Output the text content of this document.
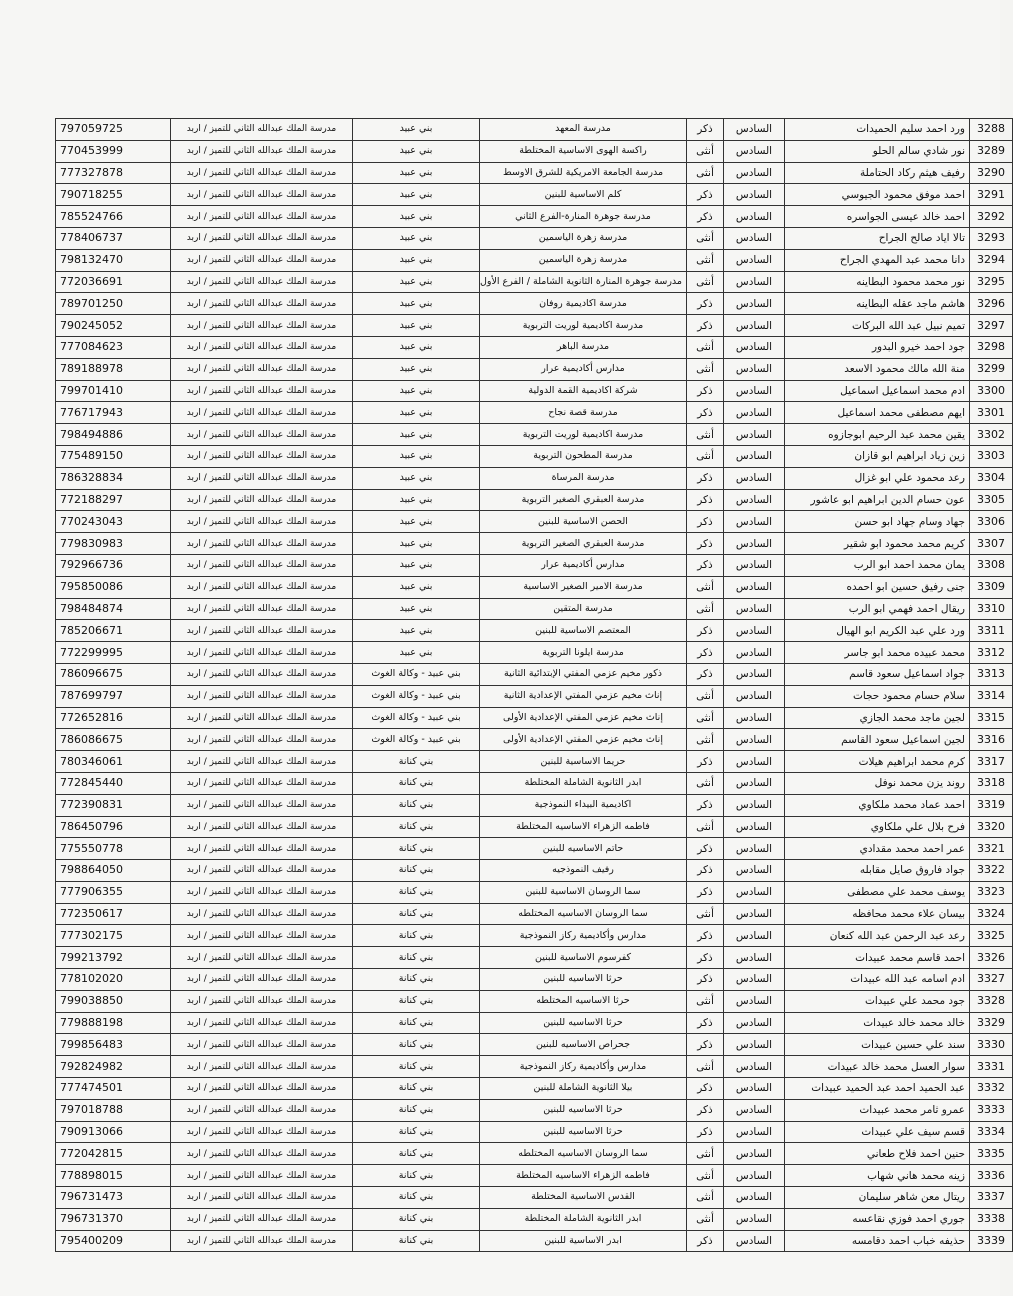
3288	ورد احمد سليم الحميدات	السادس	ذكر	مدرسة المعهد	بني عبيد	مدرسة الملك عبدالله الثاني للتميز / اربد	797059725
3289	نور شادي سالم الحلو	السادس	أنثى	راكسة الهوى الاساسية المختلطة	بني عبيد	مدرسة الملك عبدالله الثاني للتميز / اربد	770453999
3290	رفيف هيثم ركاد الحتاملة	السادس	أنثى	مدرسة الجامعة الامريكية للشرق الاوسط	بني عبيد	مدرسة الملك عبدالله الثاني للتميز / اربد	777327878
3291	احمد موفق محمود الجيوسي	السادس	ذكر	كلم الاساسية للبنين	بني عبيد	مدرسة الملك عبدالله الثاني للتميز / اربد	790718255
3292	احمد خالد عيسى الجواسره	السادس	ذكر	مدرسة جوهرة المنارة-الفرع الثاني	بني عبيد	مدرسة الملك عبدالله الثاني للتميز / اربد	785524766
3293	تالا اياد صالح الجراح	السادس	أنثى	مدرسة زهرة الياسمين	بني عبيد	مدرسة الملك عبدالله الثاني للتميز / اربد	778406737
3294	دانا محمد عبد المهدي الجراح	السادس	أنثى	مدرسة زهرة الياسمين	بني عبيد	مدرسة الملك عبدالله الثاني للتميز / اربد	798132470
3295	نور محمد محمود البطاينه	السادس	أنثى	مدرسة جوهرة المنارة الثانوية الشاملة / الفرع الأول	بني عبيد	مدرسة الملك عبدالله الثاني للتميز / اربد	772036691
3296	هاشم ماجد عقله البطاينه	السادس	ذكر	مدرسة اكاديمية روفان	بني عبيد	مدرسة الملك عبدالله الثاني للتميز / اربد	789701250
3297	تميم نبيل عبد الله البركات	السادس	ذكر	مدرسة اكاديمية لوريت التربوية	بني عبيد	مدرسة الملك عبدالله الثاني للتميز / اربد	790245052
3298	جود احمد خيرو البدور	السادس	أنثى	مدرسة الباهر	بني عبيد	مدرسة الملك عبدالله الثاني للتميز / اربد	777084623
3299	منة الله مالك محمود الاسعد	السادس	أنثى	مدارس أكاديمية عرار	بني عبيد	مدرسة الملك عبدالله الثاني للتميز / اربد	789188978
3300	ادم محمد اسماعيل اسماعيل	السادس	ذكر	شركة اكاديمية القمة الدولية	بني عبيد	مدرسة الملك عبدالله الثاني للتميز / اربد	799701410
3301	ايهم مصطفى محمد اسماعيل	السادس	ذكر	مدرسة قصة نجاح	بني عبيد	مدرسة الملك عبدالله الثاني للتميز / اربد	776717943
3302	يقين محمد عبد الرحيم ابوجازوه	السادس	أنثى	مدرسة اكاديمية لوريت التربوية	بني عبيد	مدرسة الملك عبدالله الثاني للتميز / اربد	798494886
3303	زين زياد ابراهيم ابو قازان	السادس	أنثى	مدرسة المطحون التربوية	بني عبيد	مدرسة الملك عبدالله الثاني للتميز / اربد	775489150
3304	رعد محمود علي ابو غزال	السادس	ذكر	مدرسة المرساة	بني عبيد	مدرسة الملك عبدالله الثاني للتميز / اربد	786328834
3305	عون حسام الدين ابراهيم ابو عاشور	السادس	ذكر	مدرسة العبقري الصغير التربوية	بني عبيد	مدرسة الملك عبدالله الثاني للتميز / اربد	772188297
3306	جهاد وسام جهاد ابو حسن	السادس	ذكر	الحصن الاساسية للبنين	بني عبيد	مدرسة الملك عبدالله الثاني للتميز / اربد	770243043
3307	كريم محمد محمود ابو شقير	السادس	ذكر	مدرسة العبقري الصغير التربوية	بني عبيد	مدرسة الملك عبدالله الثاني للتميز / اربد	779830983
3308	يمان محمد احمد ابو الرب	السادس	ذكر	مدارس أكاديمية عرار	بني عبيد	مدرسة الملك عبدالله الثاني للتميز / اربد	792966736
3309	جنى رفيق حسين ابو احمده	السادس	أنثى	مدرسة الامير الصغير الاساسية	بني عبيد	مدرسة الملك عبدالله الثاني للتميز / اربد	795850086
3310	ريقال احمد فهمي ابو الرب	السادس	أنثى	مدرسة المتقين	بني عبيد	مدرسة الملك عبدالله الثاني للتميز / اربد	798484874
3311	ورد علي عبد الكريم ابو الهيال	السادس	ذكر	المعتصم الاساسية للبنين	بني عبيد	مدرسة الملك عبدالله الثاني للتميز / اربد	785206671
3312	محمد عبيده محمد ابو جاسر	السادس	ذكر	مدرسة ايلونا التربوية	بني عبيد	مدرسة الملك عبدالله الثاني للتميز / اربد	772299995
3313	جواد اسماعيل سعود قاسم	السادس	ذكر	ذكور مخيم عزمي المفتي الإبتدائية الثانية	بني عبيد - وكالة الغوث	مدرسة الملك عبدالله الثاني للتميز / اربد	786096675
3314	سلام حسام محمود حجات	السادس	أنثى	إناث مخيم عزمي المفتي الإعدادية الثانية	بني عبيد - وكالة الغوث	مدرسة الملك عبدالله الثاني للتميز / اربد	787699797
3315	لجين ماجد محمد الجازي	السادس	أنثى	إناث مخيم عزمي المفتي الإعدادية الأولى	بني عبيد - وكالة الغوث	مدرسة الملك عبدالله الثاني للتميز / اربد	772652816
3316	لجين اسماعيل سعود القاسم	السادس	أنثى	إناث مخيم عزمي المفتي الإعدادية الأولى	بني عبيد - وكالة الغوث	مدرسة الملك عبدالله الثاني للتميز / اربد	786086675
3317	كرم محمد ابراهيم هيلات	السادس	ذكر	حريما الاساسية للبنين	بني كنانة	مدرسة الملك عبدالله الثاني للتميز / اربد	780346061
3318	روند يزن محمد نوفل	السادس	أنثى	ابدر الثانوية الشاملة المختلطة	بني كنانة	مدرسة الملك عبدالله الثاني للتميز / اربد	772845440
3319	احمد عماد محمد ملكاوي	السادس	ذكر	اكاديمية البيداء النموذجية	بني كنانة	مدرسة الملك عبدالله الثاني للتميز / اربد	772390831
3320	فرح بلال علي ملكاوي	السادس	أنثى	فاطمه الزهراء الاساسيه المختلطة	بني كنانة	مدرسة الملك عبدالله الثاني للتميز / اربد	786450796
3321	عمر احمد محمد مقدادي	السادس	ذكر	حاتم الاساسيه للبنين	بني كنانة	مدرسة الملك عبدالله الثاني للتميز / اربد	775550778
3322	جواد فاروق صايل مقابله	السادس	ذكر	رفيف النموذجيه	بني كنانة	مدرسة الملك عبدالله الثاني للتميز / اربد	798864050
3323	يوسف محمد علي مصطفى	السادس	ذكر	سما الروسان الاساسية للبنين	بني كنانة	مدرسة الملك عبدالله الثاني للتميز / اربد	777906355
3324	بيسان علاء محمد محافظه	السادس	أنثى	سما الروسان الاساسيه المختلطه	بني كنانة	مدرسة الملك عبدالله الثاني للتميز / اربد	772350617
3325	رعد عبد الرحمن عبد الله كنعان	السادس	ذكر	مدارس وأكاديمية ركاز النموذجية	بني كنانة	مدرسة الملك عبدالله الثاني للتميز / اربد	777302175
3326	احمد قاسم محمد عبيدات	السادس	ذكر	كفرسوم الاساسية للبنين	بني كنانة	مدرسة الملك عبدالله الثاني للتميز / اربد	799213792
3327	ادم اسامه عبد الله عبيدات	السادس	ذكر	حرثا الاساسيه للبنين	بني كنانة	مدرسة الملك عبدالله الثاني للتميز / اربد	778102020
3328	جود محمد علي عبيدات	السادس	أنثى	حرثا الاساسيه المختلطه	بني كنانة	مدرسة الملك عبدالله الثاني للتميز / اربد	799038850
3329	خالد محمد خالد عبيدات	السادس	ذكر	حرثا الاساسيه للبنين	بني كنانة	مدرسة الملك عبدالله الثاني للتميز / اربد	779888198
3330	سند علي حسين عبيدات	السادس	ذكر	جحراص الاساسيه للبنين	بني كنانة	مدرسة الملك عبدالله الثاني للتميز / اربد	799856483
3331	سوار العسل محمد خالد عبيدات	السادس	أنثى	مدارس وأكاديمية ركاز النموذجية	بني كنانة	مدرسة الملك عبدالله الثاني للتميز / اربد	792824982
3332	عبد الحميد احمد عبد الحميد عبيدات	السادس	ذكر	بيلا الثانوية الشاملة للبنين	بني كنانة	مدرسة الملك عبدالله الثاني للتميز / اربد	777474501
3333	عمرو ثامر محمد عبيدات	السادس	ذكر	حرثا الاساسيه للبنين	بني كنانة	مدرسة الملك عبدالله الثاني للتميز / اربد	797018788
3334	قسم سيف علي عبيدات	السادس	ذكر	حرثا الاساسيه للبنين	بني كنانة	مدرسة الملك عبدالله الثاني للتميز / اربد	790913066
3335	حنين احمد فلاح طعاني	السادس	أنثى	سما الروسان الاساسيه المختلطه	بني كنانة	مدرسة الملك عبدالله الثاني للتميز / اربد	772042815
3336	زينه محمد هاني شهاب	السادس	أنثى	فاطمه الزهراء الاساسيه المختلطة	بني كنانة	مدرسة الملك عبدالله الثاني للتميز / اربد	778898015
3337	ريتال معن شاهر سليمان	السادس	أنثى	القدس الاساسية المختلطة	بني كنانة	مدرسة الملك عبدالله الثاني للتميز / اربد	796731473
3338	جوري احمد فوزي نقاعسه	السادس	أنثى	ابدر الثانوية الشاملة المختلطة	بني كنانة	مدرسة الملك عبدالله الثاني للتميز / اربد	796731370
3339	حذيفه خباب احمد دقامسه	السادس	ذكر	ابدر الاساسية للبنين	بني كنانة	مدرسة الملك عبدالله الثاني للتميز / اربد	795400209
